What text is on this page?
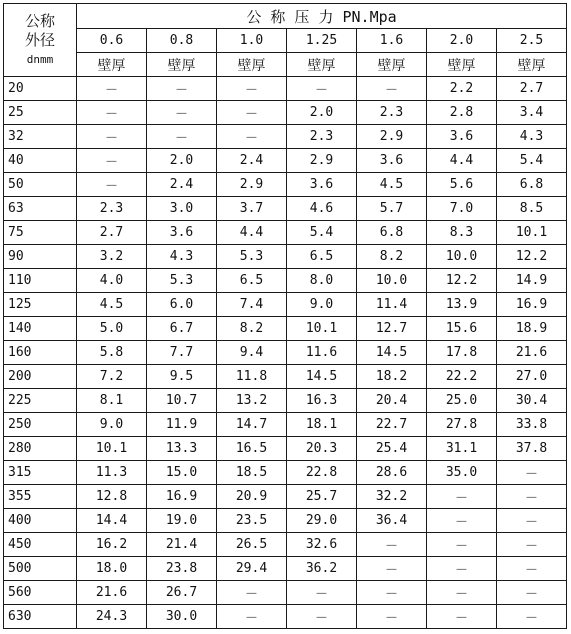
公称
外径
dnmm	公 称 压 力 PN.Mpa						
	0.6	0.8	1.0	1.25	1.6	2.0	2.5
	壁厚	壁厚	壁厚	壁厚	壁厚	壁厚	壁厚
20	－	－	－	－	－	2.2	2.7
25	－	－	－	2.0	2.3	2.8	3.4
32	－	－	－	2.3	2.9	3.6	4.3
40	－	2.0	2.4	2.9	3.6	4.4	5.4
50	－	2.4	2.9	3.6	4.5	5.6	6.8
63	2.3	3.0	3.7	4.6	5.7	7.0	8.5
75	2.7	3.6	4.4	5.4	6.8	8.3	10.1
90	3.2	4.3	5.3	6.5	8.2	10.0	12.2
110	4.0	5.3	6.5	8.0	10.0	12.2	14.9
125	4.5	6.0	7.4	9.0	11.4	13.9	16.9
140	5.0	6.7	8.2	10.1	12.7	15.6	18.9
160	5.8	7.7	9.4	11.6	14.5	17.8	21.6
200	7.2	9.5	11.8	14.5	18.2	22.2	27.0
225	8.1	10.7	13.2	16.3	20.4	25.0	30.4
250	9.0	11.9	14.7	18.1	22.7	27.8	33.8
280	10.1	13.3	16.5	20.3	25.4	31.1	37.8
315	11.3	15.0	18.5	22.8	28.6	35.0	－
355	12.8	16.9	20.9	25.7	32.2	－	－
400	14.4	19.0	23.5	29.0	36.4	－	－
450	16.2	21.4	26.5	32.6	－	－	－
500	18.0	23.8	29.4	36.2	－	－	－
560	21.6	26.7	－	－	－	－	－
630	24.3	30.0	－	－	－	－	－
